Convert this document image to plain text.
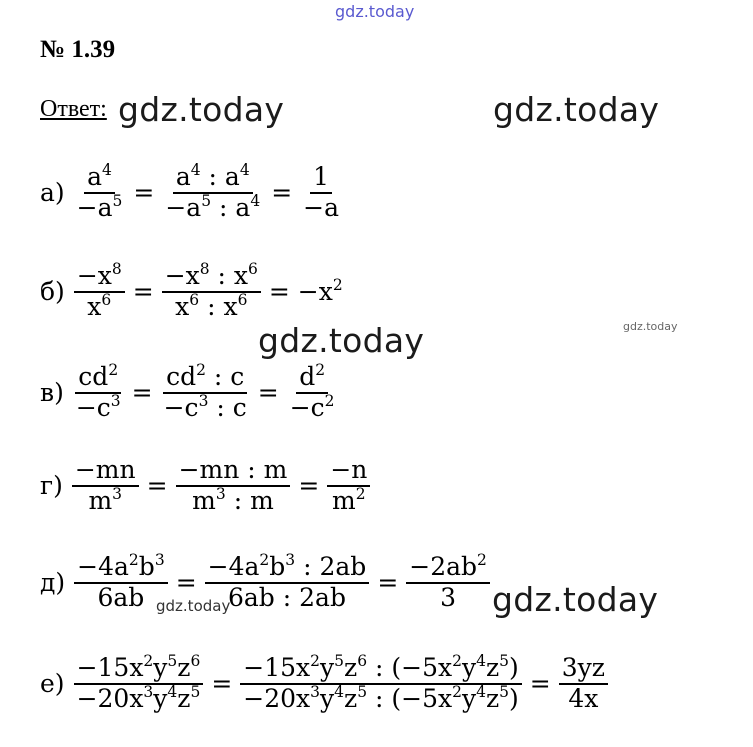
gdz.today
№ 1.39
Ответ: gdz.today	gdz.today
$а) \frac{a^4}{-a^5} = \frac{a^4 : a^4}{-a^5 : a^4} = \frac{1}{-a}$
$б) \frac{-x^8}{x^6} = \frac{-x^8 : x^6}{x^6 : x^6} = -x^2$
$в) \frac{cd^2}{-c^3} = \frac{cd^2 : c}{-c^3 : c} = \frac{d^2}{-c^2}$
$г) \frac{-mn}{m^3} = \frac{-mn : m}{m^3 : m} = \frac{-n}{m^2}$
$д) \frac{-4a^2b^3}{6ab} = \frac{-4a^2b^3 : 2ab}{6ab : 2ab} = \frac{-2ab^2}{3}$
$е) \frac{-15x^2y^5z^6}{-20x^3y^4z^5} = \frac{-15x^2y^5z^6 : (-5x^2y^4z^5)}{-20x^3y^4z^5 : (-5x^2y^4z^5)} = \frac{3yz}{4x}$
gdz.today
gdz.today
gdz.today	gdz.today
